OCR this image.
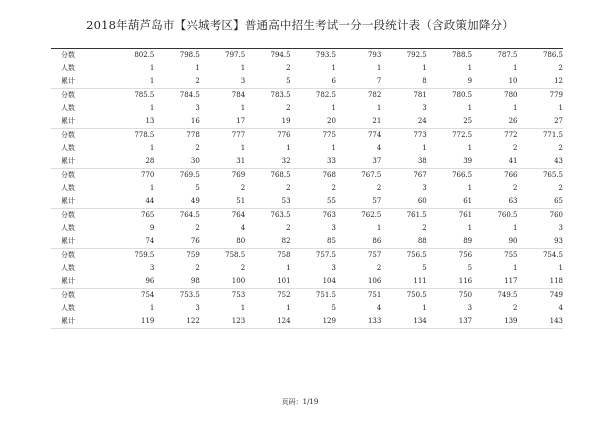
2018年葫芦岛市【兴城考区】普通高中招生考试一分一段统计表（含政策加降分）
分数	802.5	798.5	797.5	794.5	793.5	793	792.5	788.5	787.5	786.5
人数	1	1	1	2	1	1	1	1	1	2
累计	1	2	3	5	6	7	8	9	10	12
分数	785.5	784.5	784	783.5	782.5	782	781	780.5	780	779
人数	1	3	1	2	1	1	3	1	1	1
累计	13	16	17	19	20	21	24	25	26	27
分数	778.5	778	777	776	775	774	773	772.5	772	771.5
人数	1	2	1	1	1	4	1	1	2	2
累计	28	30	31	32	33	37	38	39	41	43
分数	770	769.5	769	768.5	768	767.5	767	766.5	766	765.5
人数	1	5	2	2	2	2	3	1	2	2
累计	44	49	51	53	55	57	60	61	63	65
分数	765	764.5	764	763.5	763	762.5	761.5	761	760.5	760
人数	9	2	4	2	3	1	2	1	1	3
累计	74	76	80	82	85	86	88	89	90	93
分数	759.5	759	758.5	758	757.5	757	756.5	756	755	754.5
人数	3	2	2	1	3	2	5	5	1	1
累计	96	98	100	101	104	106	111	116	117	118
分数	754	753.5	753	752	751.5	751	750.5	750	749.5	749
人数	1	3	1	1	5	4	1	3	2	4
累计	119	122	123	124	129	133	134	137	139	143
页码：1/19
